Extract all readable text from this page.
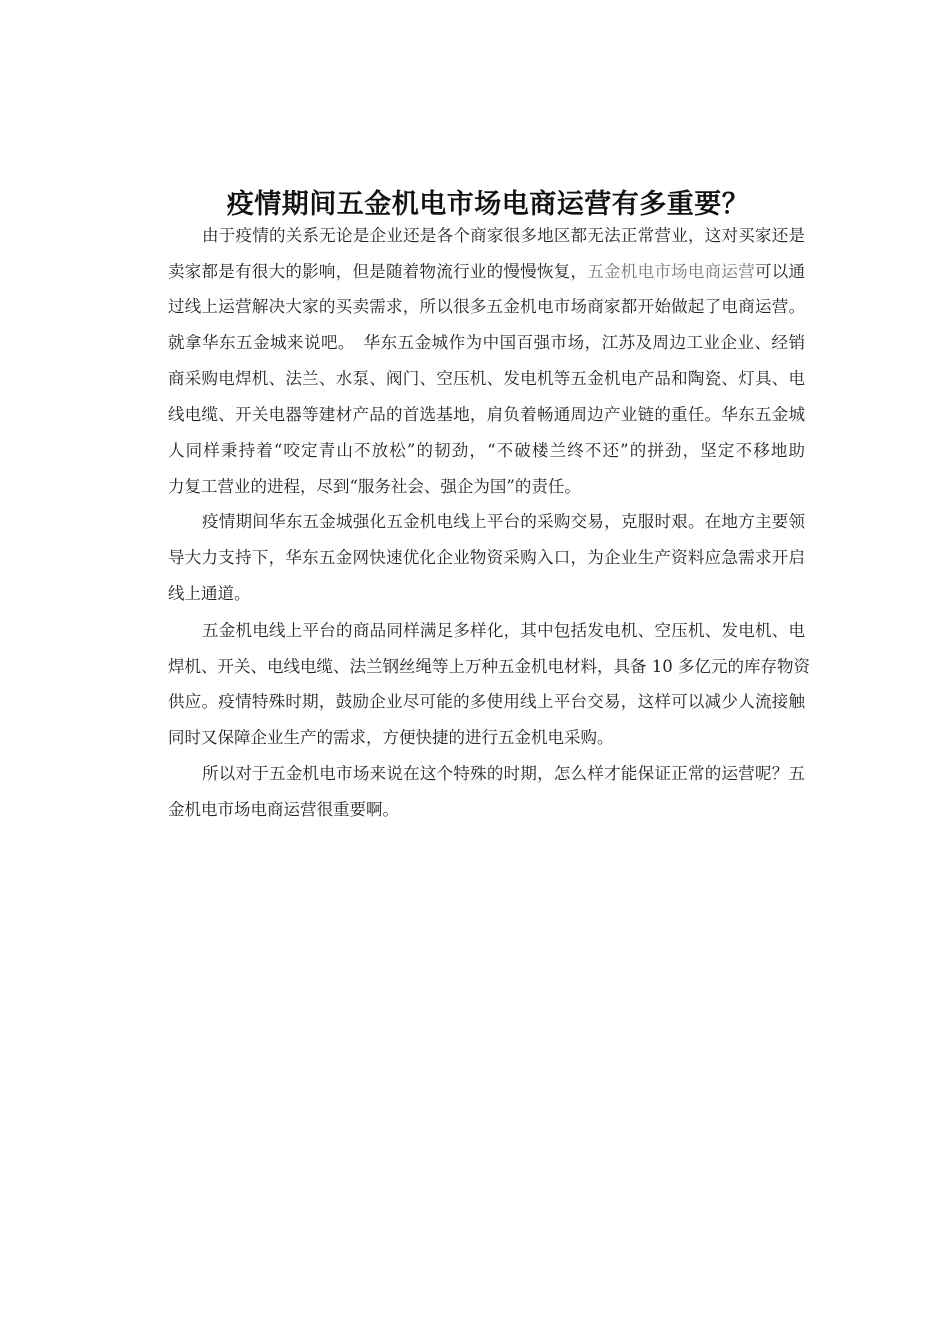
疫情期间五金机电市场电商运营有多重要？
由于疫情的关系无论是企业还是各个商家很多地区都无法正常营业，这对买家还是
卖家都是有很大的影响，但是随着物流行业的慢慢恢复，五金机电市场电商运营可以通
过线上运营解决大家的买卖需求，所以很多五金机电市场商家都开始做起了电商运营。
就拿华东五金城来说吧。　华东五金城作为中国百强市场，江苏及周边工业企业、经销
商采购电焊机、法兰、水泵、阀门、空压机、发电机等五金机电产品和陶瓷、灯具、电
线电缆、开关电器等建材产品的首选基地，肩负着畅通周边产业链的重任。华东五金城
人同样秉持着“咬定青山不放松”的韧劲，“不破楼兰终不还”的拼劲，坚定不移地助
力复工营业的进程，尽到“服务社会、强企为国”的责任。
疫情期间华东五金城强化五金机电线上平台的采购交易，克服时艰。在地方主要领
导大力支持下，华东五金网快速优化企业物资采购入口，为企业生产资料应急需求开启
线上通道。
五金机电线上平台的商品同样满足多样化，其中包括发电机、空压机、发电机、电
焊机、开关、电线电缆、法兰钢丝绳等上万种五金机电材料，具备 10 多亿元的库存物资
供应。疫情特殊时期，鼓励企业尽可能的多使用线上平台交易，这样可以减少人流接触
同时又保障企业生产的需求，方便快捷的进行五金机电采购。
所以对于五金机电市场来说在这个特殊的时期，怎么样才能保证正常的运营呢？五
金机电市场电商运营很重要啊。
